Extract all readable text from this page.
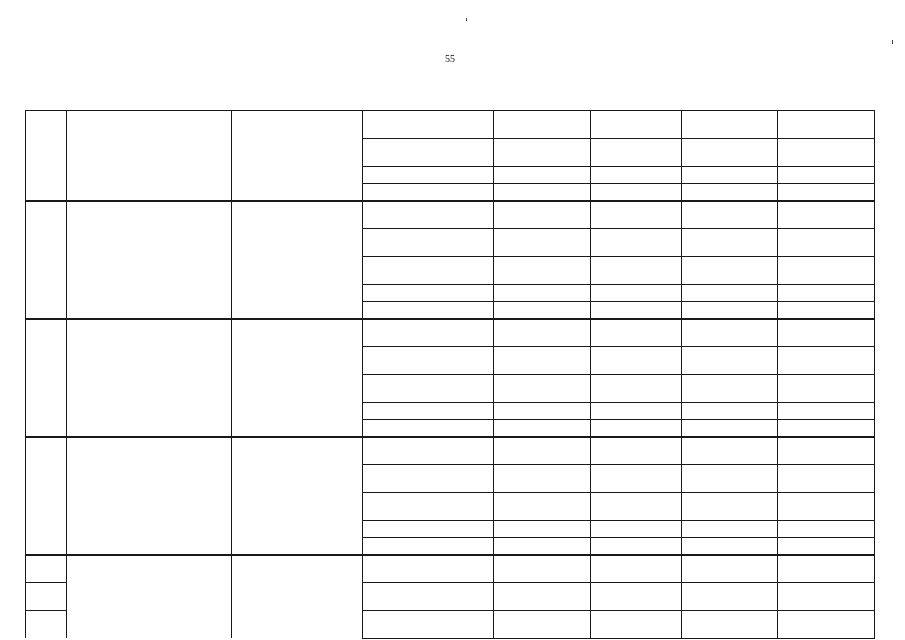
55
